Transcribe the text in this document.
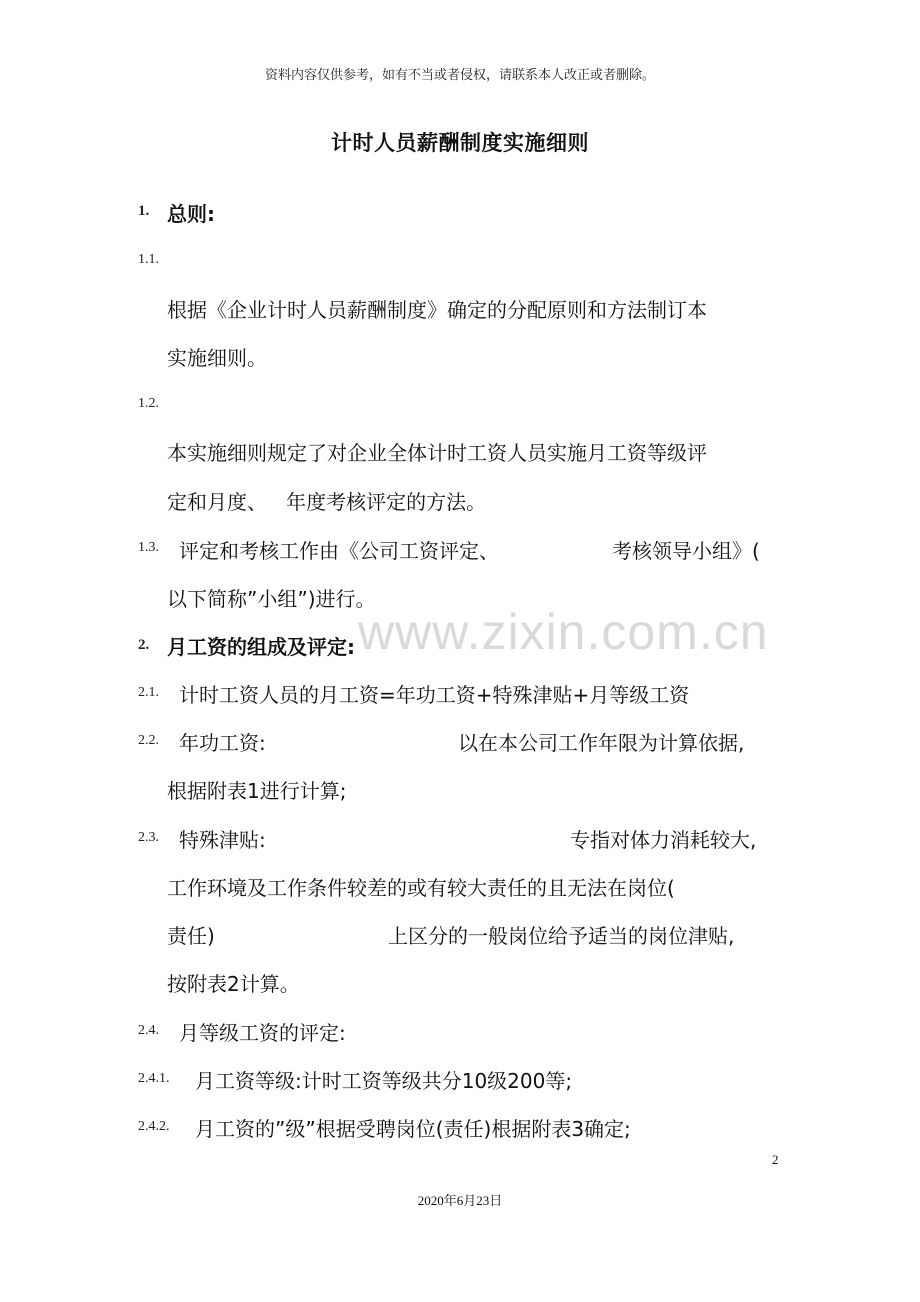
资料内容仅供参考，如有不当或者侵权，请联系本人改正或者删除。
计时人员薪酬制度实施细则
www.zixin.com.cn
1. 总则:
1.1.
根据《企业计时人员薪酬制度》确定的分配原则和方法制订本
实施细则。
1.2.
本实施细则规定了对企业全体计时工资人员实施月工资等级评
定和月度、   年度考核评定的方法。
1.3. 评定和考核工作由《公司工资评定、	考核领导小组》(
以下简称”小组”)进行。
2. 月工资的组成及评定:
2.1. 计时工资人员的月工资=年功工资+特殊津贴+月等级工资
2.2. 年功工资:	以在本公司工作年限为计算依据,
根据附表1进行计算;
2.3. 特殊津贴:	专指对体力消耗较大,
工作环境及工作条件较差的或有较大责任的且无法在岗位(
责任)	上区分的一般岗位给予适当的岗位津贴,
按附表2计算。
2.4. 月等级工资的评定:
2.4.1. 月工资等级:计时工资等级共分10级200等;
2.4.2. 月工资的”级”根据受聘岗位(责任)根据附表3确定;
2
2020年6月23日
